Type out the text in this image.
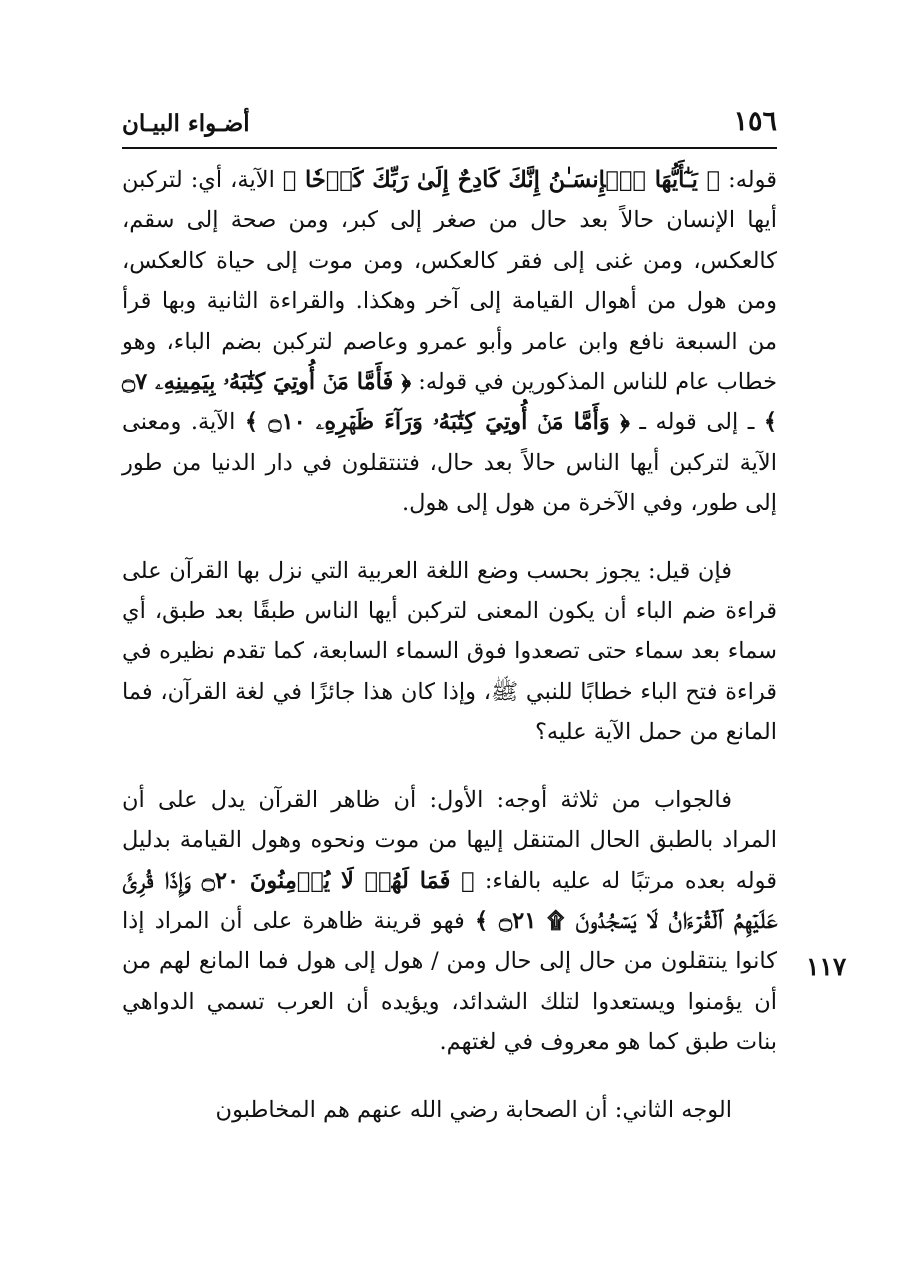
١٥٦
أضـواء البيـان

قوله: ﴿ يَـٰٓأَيُّهَا ٱلۡإِنسَـٰنُ إِنَّكَ كَادِحٌ إِلَىٰ رَبِّكَ كَدۡحٗا ﴾ الآية، أي: لتركبن أيها الإنسان حالاً بعد حال من صغر إلى كبر، ومن صحة إلى سقم، كالعكس، ومن غنى إلى فقر كالعكس، ومن موت إلى حياة كالعكس، ومن هول من أهوال القيامة إلى آخر وهكذا. والقراءة الثانية وبها قرأ من السبعة نافع وابن عامر وأبو عمرو وعاصم لتركبن بضم الباء، وهو خطاب عام للناس المذكورين في قوله: ﴿ فَأَمَّا مَنۡ أُوتِيَ كِتَٰبَهُۥ بِيَمِينِهِۦ ۝٧ ﴾ ـ إلى قوله ـ ﴿ وَأَمَّا مَنۡ أُوتِيَ كِتَٰبَهُۥ وَرَآءَ ظَهۡرِهِۦ ۝١٠ ﴾ الآية. ومعنى الآية لتركبن أيها الناس حالاً بعد حال، فتنتقلون في دار الدنيا من طور إلى طور، وفي الآخرة من هول إلى هول.

فإن قيل: يجوز بحسب وضع اللغة العربية التي نزل بها القرآن على قراءة ضم الباء أن يكون المعنى لتركبن أيها الناس طبقًا بعد طبق، أي سماء بعد سماء حتى تصعدوا فوق السماء السابعة، كما تقدم نظيره في قراءة فتح الباء خطابًا للنبي ﷺ، وإذا كان هذا جائزًا في لغة القرآن، فما المانع من حمل الآية عليه؟

فالجواب من ثلاثة أوجه: الأول: أن ظاهر القرآن يدل على أن المراد بالطبق الحال المتنقل إليها من موت ونحوه وهول القيامة بدليل قوله بعده مرتبًا له عليه بالفاء: ﴿ فَمَا لَهُمۡ لَا يُؤۡمِنُونَ ۝٢٠ وَإِذَا قُرِئَ عَلَيۡهِمُ ٱلۡقُرۡءَانُ لَا يَسۡجُدُونَ ۩ ۝٢١ ﴾ فهو قرينة ظاهرة على أن المراد إذا كانوا ينتقلون من حال إلى حال ومن / هول إلى هول فما المانع لهم من أن يؤمنوا ويستعدوا لتلك الشدائد، ويؤيده أن العرب تسمي الدواهي بنات طبق كما هو معروف في لغتهم.

الوجه الثاني: أن الصحابة رضي الله عنهم هم المخاطبون

١١٧
